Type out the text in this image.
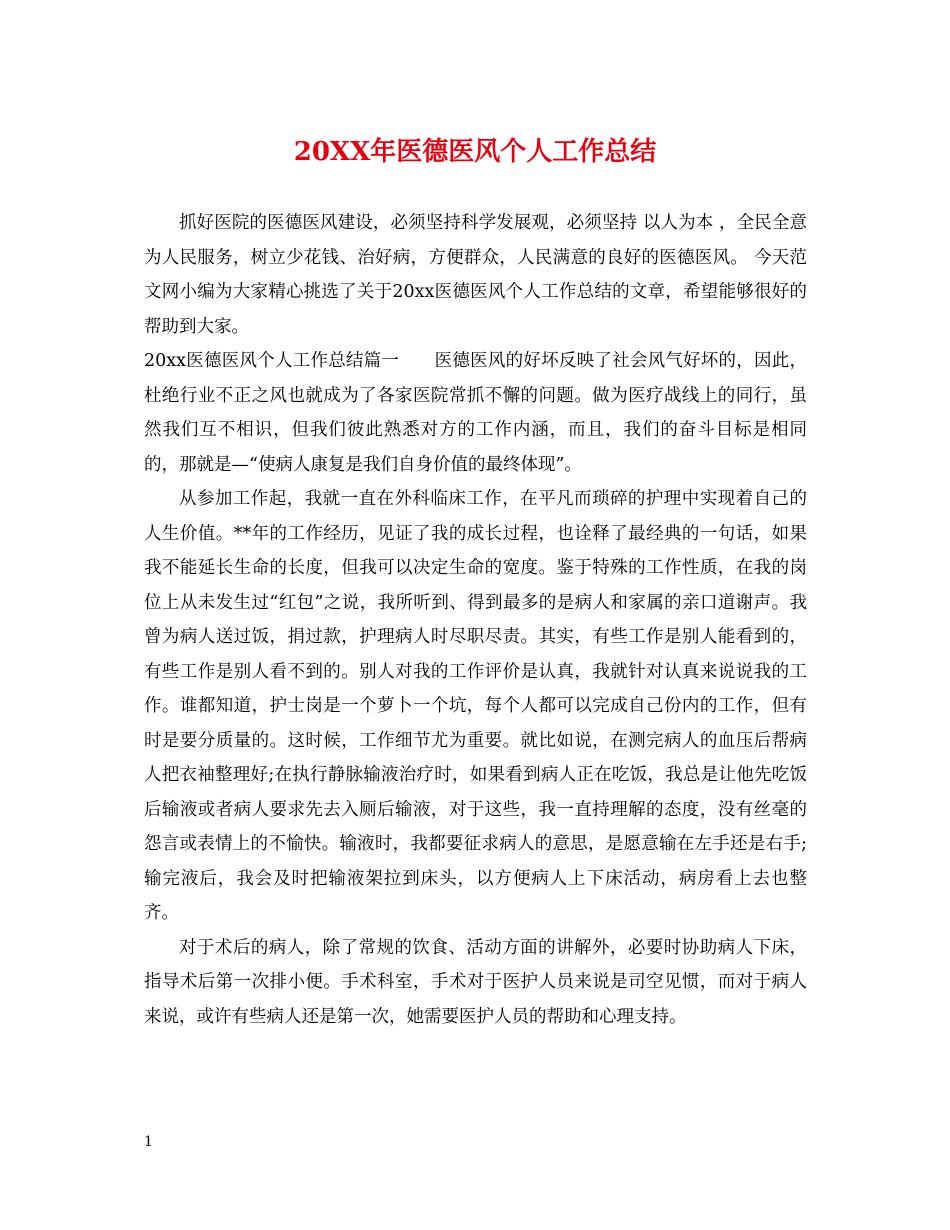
20XX年医德医风个人工作总结

抓好医院的医德医风建设，必须坚持科学发展观，必须坚持 以人为本 ，全民全意为人民服务，树立少花钱、治好病，方便群众，人民满意的良好的医德医风。 今天范文网小编为大家精心挑选了关于20xx医德医风个人工作总结的文章，希望能够很好的帮助到大家。

20xx医德医风个人工作总结篇一　　 医德医风的好坏反映了社会风气好坏的，因此，杜绝行业不正之风也就成为了各家医院常抓不懈的问题。做为医疗战线上的同行，虽然我们互不相识，但我们彼此熟悉对方的工作内涵，而且，我们的奋斗目标是相同的，那就是—“使病人康复是我们自身价值的最终体现”。

从参加工作起，我就一直在外科临床工作，在平凡而琐碎的护理中实现着自己的人生价值。**年的工作经历，见证了我的成长过程，也诠释了最经典的一句话，如果我不能延长生命的长度，但我可以决定生命的宽度。鉴于特殊的工作性质，在我的岗位上从未发生过“红包”之说，我所听到、得到最多的是病人和家属的亲口道谢声。我曾为病人送过饭，捐过款，护理病人时尽职尽责。其实，有些工作是别人能看到的，有些工作是别人看不到的。别人对我的工作评价是认真，我就针对认真来说说我的工作。谁都知道，护士岗是一个萝卜一个坑，每个人都可以完成自己份内的工作，但有时是要分质量的。这时候，工作细节尤为重要。就比如说，在测完病人的血压后帮病人把衣袖整理好;在执行静脉输液治疗时，如果看到病人正在吃饭，我总是让他先吃饭后输液或者病人要求先去入厕后输液，对于这些，我一直持理解的态度，没有丝毫的怨言或表情上的不愉快。输液时，我都要征求病人的意思，是愿意输在左手还是右手;输完液后，我会及时把输液架拉到床头，以方便病人上下床活动，病房看上去也整齐。

对于术后的病人，除了常规的饮食、活动方面的讲解外，必要时协助病人下床，指导术后第一次排小便。手术科室，手术对于医护人员来说是司空见惯，而对于病人来说，或许有些病人还是第一次，她需要医护人员的帮助和心理支持。

1
